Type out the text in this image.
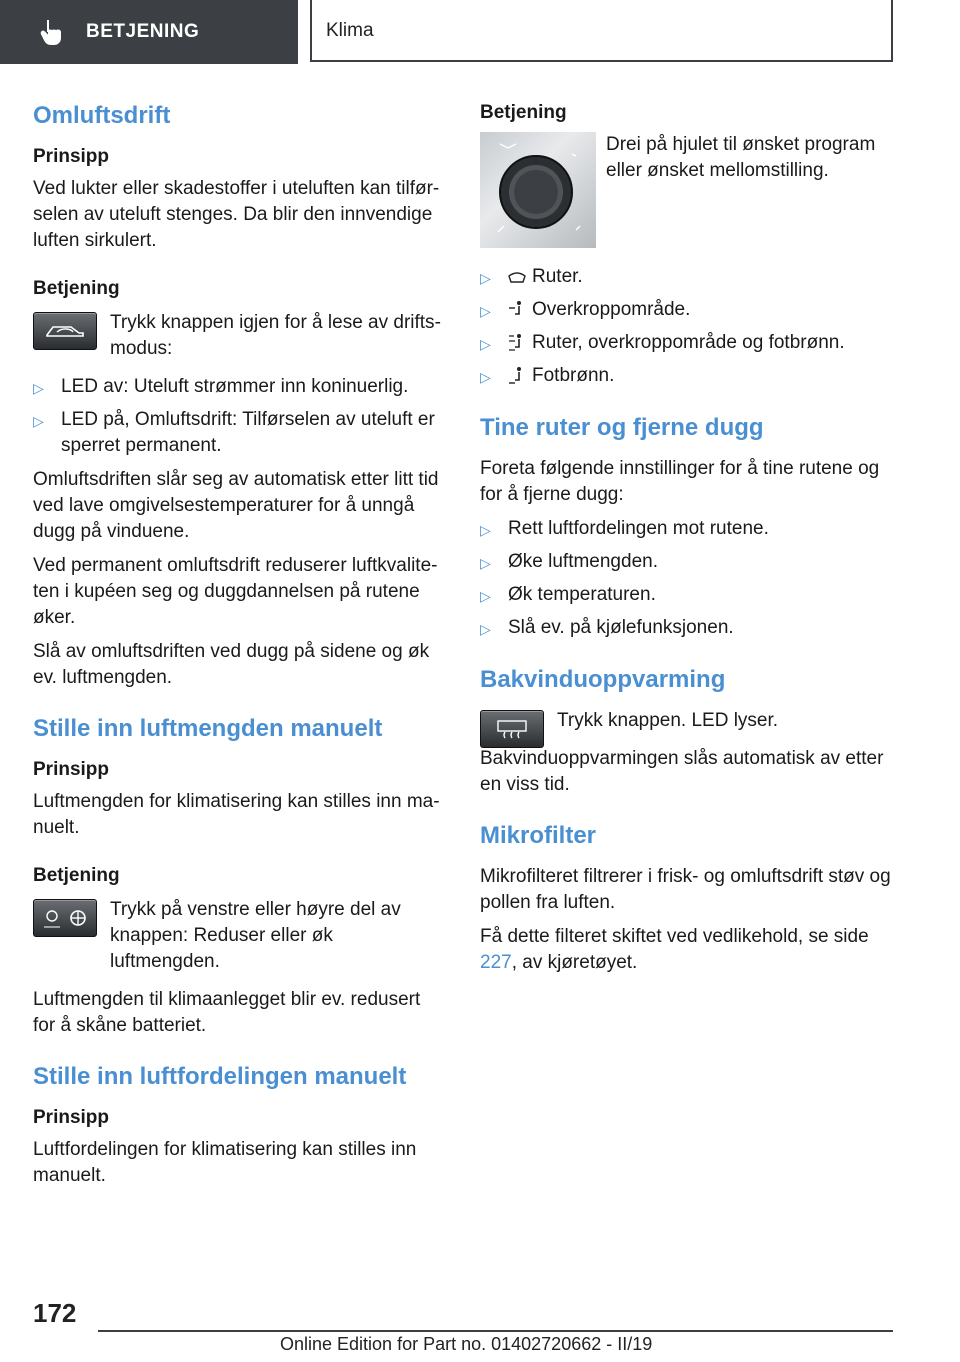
BETJENING	Klima
Omluftsdrift
Prinsipp

Ved lukter eller skadestoffer i uteluften kan tilførselen av uteluft stenges. Da blir den innvendige luften sirkulert.

Betjening
Trykk knappen igjen for å lese av driftsmodus:
▷ LED av: Uteluft strømmer inn koninuerlig.
▷ LED på, Omluftsdrift: Tilførselen av uteluft er sperret permanent.

Omluftsdriften slår seg av automatisk etter litt tid ved lave omgivelsestemperaturer for å unngå dugg på vinduene.

Ved permanent omluftsdrift reduserer luftkvaliteten i kupéen seg og duggdannelsen på rutene øker.

Slå av omluftsdriften ved dugg på sidene og øk ev. luftmengden.

Stille inn luftmengden manuelt
Prinsipp

Luftmengden for klimatisering kan stilles inn manuelt.

Betjening
Trykk på venstre eller høyre del av knappen: Reduser eller øk luftmengden.

Luftmengden til klimaanlegget blir ev. redusert for å skåne batteriet.

Stille inn luftfordelingen manuelt
Prinsipp

Luftfordelingen for klimatisering kan stilles inn manuelt.

Betjening
Drei på hjulet til ønsket program eller ønsket mellomstilling.
▷	Ruter.
▷	Overkroppområde.
▷	Ruter, overkroppområde og fotbrønn.
▷	Fotbrønn.
Tine ruter og fjerne dugg

Foreta følgende innstillinger for å tine rutene og for å fjerne dugg:

▷ Rett luftfordelingen mot rutene.
▷ Øke luftmengden.
▷ Øk temperaturen.
▷ Slå ev. på kjølefunksjonen.
Bakvinduoppvarming

Trykk knappen. LED lyser.

Bakvinduoppvarmingen slås automatisk av etter en viss tid.

Mikrofilter

Mikrofilteret filtrerer i frisk- og omluftsdrift støv og pollen fra luften.

Få dette filteret skiftet ved vedlikehold, se side 227, av kjøretøyet.

172
Online Edition for Part no. 01402720662 - II/19
